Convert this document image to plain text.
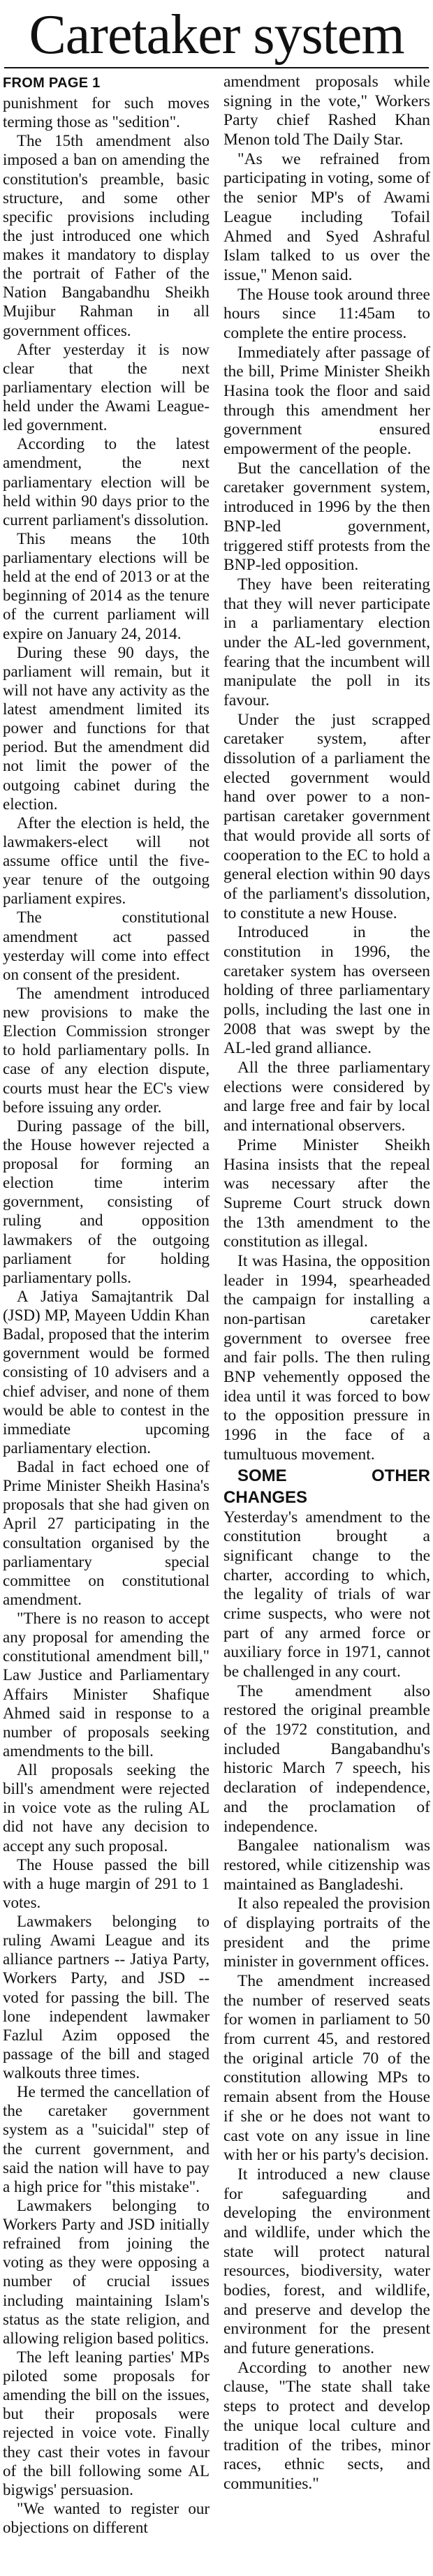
Caretaker system

FROM PAGE 1
punishment for such moves terming those as "sedition".

The 15th amendment also imposed a ban on amending the constitution's preamble, basic structure, and some other specific provisions including the just introduced one which makes it mandatory to display the portrait of Father of the Nation Bangabandhu Sheikh Mujibur Rahman in all government offices.

After yesterday it is now clear that the next parliamentary election will be held under the Awami League-led government.

According to the latest amendment, the next parliamentary election will be held within 90 days prior to the current parliament's dissolution.

This means the 10th parliamentary elections will be held at the end of 2013 or at the beginning of 2014 as the tenure of the current parliament will expire on January 24, 2014.

During these 90 days, the parliament will remain, but it will not have any activity as the latest amendment limited its power and functions for that period. But the amendment did not limit the power of the outgoing cabinet during the election.

After the election is held, the lawmakers-elect will not assume office until the five-year tenure of the outgoing parliament expires.

The constitutional amendment act passed yesterday will come into effect on consent of the president.

The amendment introduced new provisions to make the Election Commission stronger to hold parliamentary polls. In case of any election dispute, courts must hear the EC's view before issuing any order.

During passage of the bill, the House however rejected a proposal for forming an election time interim government, consisting of ruling and opposition lawmakers of the outgoing parliament for holding parliamentary polls.

A Jatiya Samajtantrik Dal (JSD) MP, Mayeen Uddin Khan Badal, proposed that the interim government would be formed consisting of 10 advisers and a chief adviser, and none of them would be able to contest in the immediate upcoming parliamentary election.

Badal in fact echoed one of Prime Minister Sheikh Hasina's proposals that she had given on April 27 participating in the consultation organised by the parliamentary special committee on constitutional amendment.

"There is no reason to accept any proposal for amending the constitutional amendment bill," Law Justice and Parliamentary Affairs Minister Shafique Ahmed said in response to a number of proposals seeking amendments to the bill.

All proposals seeking the bill's amendment were rejected in voice vote as the ruling AL did not have any decision to accept any such proposal.

The House passed the bill with a huge margin of 291 to 1 votes.

Lawmakers belonging to ruling Awami League and its alliance partners -- Jatiya Party, Workers Party, and JSD -- voted for passing the bill. The lone independent lawmaker Fazlul Azim opposed the passage of the bill and staged walkouts three times.

He termed the cancellation of the caretaker government system as a "suicidal" step of the current government, and said the nation will have to pay a high price for "this mistake".

Lawmakers belonging to Workers Party and JSD initially refrained from joining the voting as they were opposing a number of crucial issues including maintaining Islam's status as the state religion, and allowing religion based politics.

The left leaning parties' MPs piloted some proposals for amending the bill on the issues, but their proposals were rejected in voice vote. Finally they cast their votes in favour of the bill following some AL bigwigs' persuasion.

"We wanted to register our objections on different

amendment proposals while signing in the vote," Workers Party chief Rashed Khan Menon told The Daily Star.

"As we refrained from participating in voting, some of the senior MP's of Awami League including Tofail Ahmed and Syed Ashraful Islam talked to us over the issue," Menon said.

The House took around three hours since 11:45am to complete the entire process.

Immediately after passage of the bill, Prime Minister Sheikh Hasina took the floor and said through this amendment her government ensured empowerment of the people.

But the cancellation of the caretaker government system, introduced in 1996 by the then BNP-led government, triggered stiff protests from the BNP-led opposition.

They have been reiterating that they will never participate in a parliamentary election under the AL-led government, fearing that the incumbent will manipulate the poll in its favour.

Under the just scrapped caretaker system, after dissolution of a parliament the elected government would hand over power to a non-partisan caretaker government that would provide all sorts of cooperation to the EC to hold a general election within 90 days of the parliament's dissolution, to constitute a new House.

Introduced in the constitution in 1996, the caretaker system has overseen holding of three parliamentary polls, including the last one in 2008 that was swept by the AL-led grand alliance.

All the three parliamentary elections were considered by and large free and fair by local and international observers.

Prime Minister Sheikh Hasina insists that the repeal was necessary after the Supreme Court struck down the 13th amendment to the constitution as illegal.

It was Hasina, the opposition leader in 1994, spearheaded the campaign for installing a non-partisan caretaker government to oversee free and fair polls. The then ruling BNP vehemently opposed the idea until it was forced to bow to the opposition pressure in 1996 in the face of a tumultuous movement.

SOME OTHER CHANGES

Yesterday's amendment to the constitution brought a significant change to the charter, according to which, the legality of trials of war crime suspects, who were not part of any armed force or auxiliary force in 1971, cannot be challenged in any court.

The amendment also restored the original preamble of the 1972 constitution, and included Bangabandhu's historic March 7 speech, his declaration of independence, and the proclamation of independence.

Bangalee nationalism was restored, while citizenship was maintained as Bangladeshi.

It also repealed the provision of displaying portraits of the president and the prime minister in government offices.

The amendment increased the number of reserved seats for women in parliament to 50 from current 45, and restored the original article 70 of the constitution allowing MPs to remain absent from the House if she or he does not want to cast vote on any issue in line with her or his party's decision.

It introduced a new clause for safeguarding and developing the environment and wildlife, under which the state will protect natural resources, biodiversity, water bodies, forest, and wildlife, and preserve and develop the environment for the present and future generations.

According to another new clause, "The state shall take steps to protect and develop the unique local culture and tradition of the tribes, minor races, ethnic sects, and communities."
